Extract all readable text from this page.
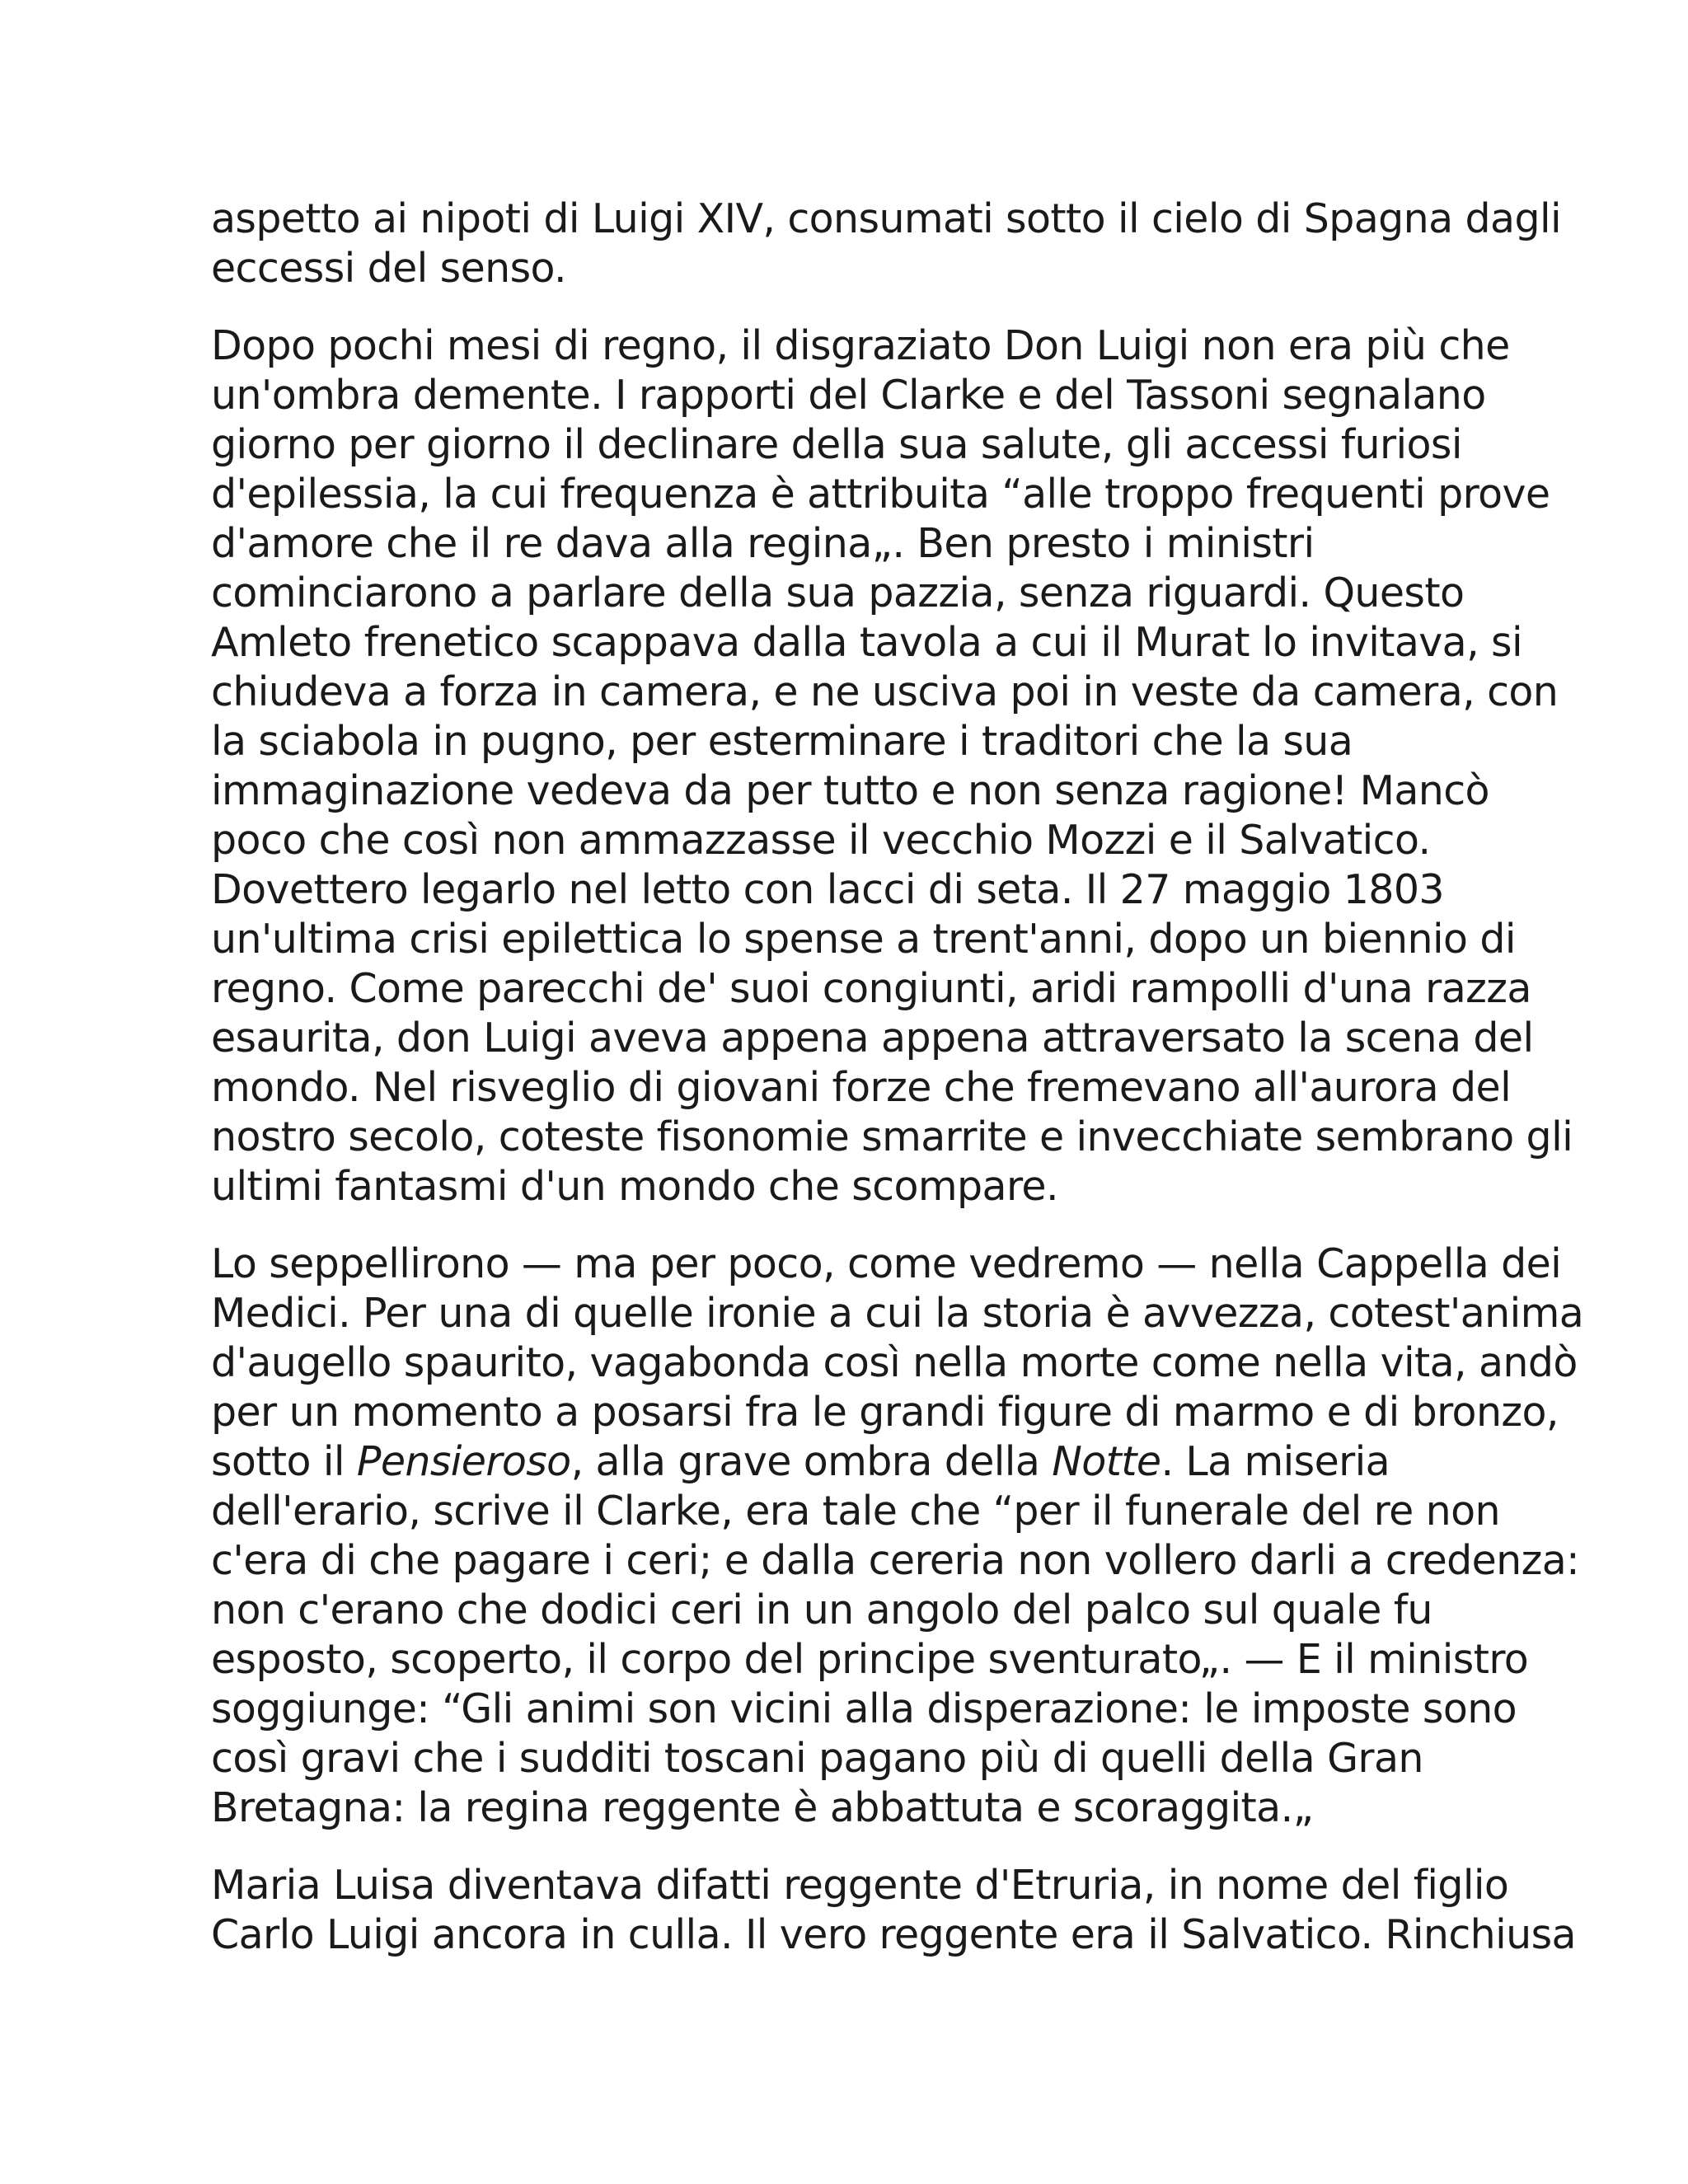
aspetto ai nipoti di Luigi XIV, consumati sotto il cielo di Spagna dagli
eccessi del senso.

Dopo pochi mesi di regno, il disgraziato Don Luigi non era più che
un'ombra demente. I rapporti del Clarke e del Tassoni segnalano
giorno per giorno il declinare della sua salute, gli accessi furiosi
d'epilessia, la cui frequenza è attribuita “alle troppo frequenti prove
d'amore che il re dava alla regina„. Ben presto i ministri
cominciarono a parlare della sua pazzia, senza riguardi. Questo
Amleto frenetico scappava dalla tavola a cui il Murat lo invitava, si
chiudeva a forza in camera, e ne usciva poi in veste da camera, con
la sciabola in pugno, per esterminare i traditori che la sua
immaginazione vedeva da per tutto e non senza ragione! Mancò
poco che così non ammazzasse il vecchio Mozzi e il Salvatico.
Dovettero legarlo nel letto con lacci di seta. Il 27 maggio 1803
un'ultima crisi epilettica lo spense a trent'anni, dopo un biennio di
regno. Come parecchi de' suoi congiunti, aridi rampolli d'una razza
esaurita, don Luigi aveva appena appena attraversato la scena del
mondo. Nel risveglio di giovani forze che fremevano all'aurora del
nostro secolo, coteste fisonomie smarrite e invecchiate sembrano gli
ultimi fantasmi d'un mondo che scompare.

Lo seppellirono — ma per poco, come vedremo — nella Cappella dei
Medici. Per una di quelle ironie a cui la storia è avvezza, cotest'anima
d'augello spaurito, vagabonda così nella morte come nella vita, andò
per un momento a posarsi fra le grandi figure di marmo e di bronzo,
sotto il Pensieroso, alla grave ombra della Notte. La miseria
dell'erario, scrive il Clarke, era tale che “per il funerale del re non
c'era di che pagare i ceri; e dalla cereria non vollero darli a credenza:
non c'erano che dodici ceri in un angolo del palco sul quale fu
esposto, scoperto, il corpo del principe sventurato„. — E il ministro
soggiunge: “Gli animi son vicini alla disperazione: le imposte sono
così gravi che i sudditi toscani pagano più di quelli della Gran
Bretagna: la regina reggente è abbattuta e scoraggita.„

Maria Luisa diventava difatti reggente d'Etruria, in nome del figlio
Carlo Luigi ancora in culla. Il vero reggente era il Salvatico. Rinchiusa
